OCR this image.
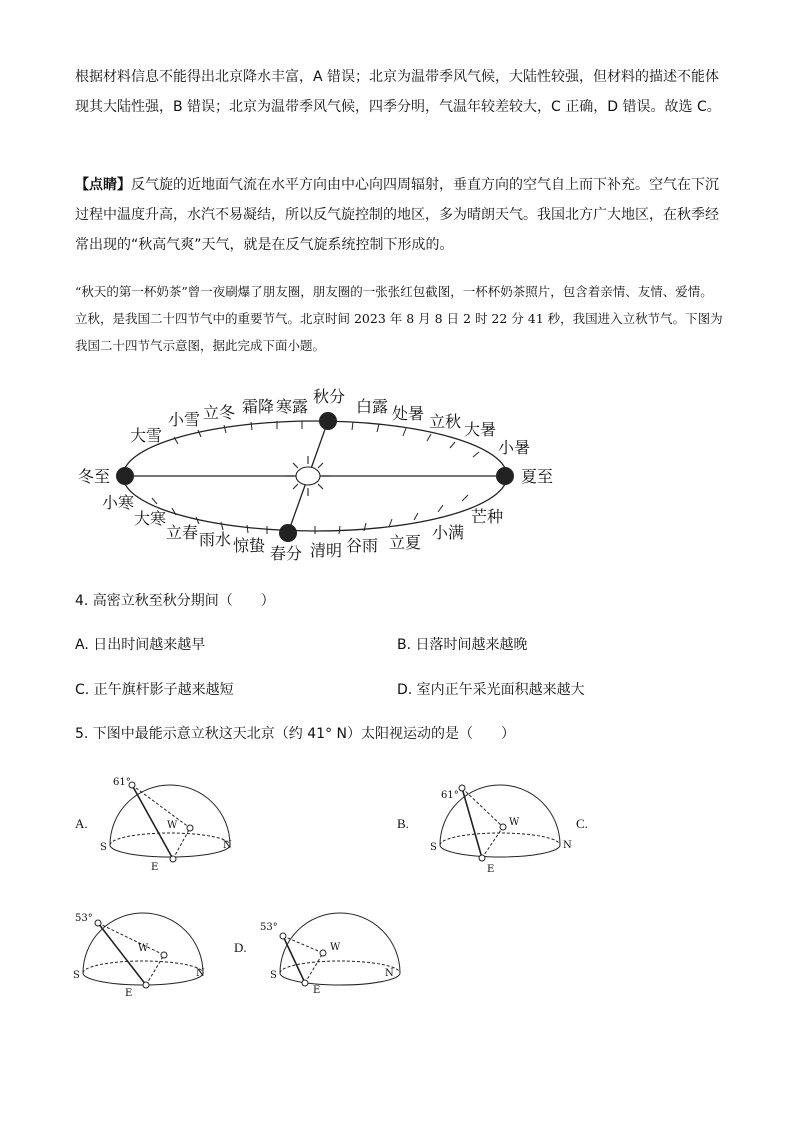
根据材料信息不能得出北京降水丰富，A 错误；北京为温带季风气候，大陆性较强，但材料的描述不能体现其大陆性强，B 错误；北京为温带季风气候，四季分明，气温年较差较大，C 正确，D 错误。故选 C。

【点睛】反气旋的近地面气流在水平方向由中心向四周辐射，垂直方向的空气自上而下补充。空气在下沉过程中温度升高，水汽不易凝结，所以反气旋控制的地区，多为晴朗天气。我国北方广大地区，在秋季经常出现的“秋高气爽”天气，就是在反气旋系统控制下形成的。

“秋天的第一杯奶茶”曾一夜刷爆了朋友圈，朋友圈的一张张红包截图，一杯杯奶茶照片，包含着亲情、友情、爱情。立秋，是我国二十四节气中的重要节气。北京时间 2023 年 8 月 8 日 2 时 22 分 41 秒，我国进入立秋节气。下图为我国二十四节气示意图，据此完成下面小题。

秋分
白露 处暑 立秋 大暑
小暑
夏至
芒种
小满
立夏
谷雨
清明
春分
惊蛰
雨水
立春
大寒
小寒
冬至
大雪
小雪 立冬 霜降 寒露

4. 高密立秋至秋分期间（　　）

A. 日出时间越来越早	B. 日落时间越来越晚

C. 正午旗杆影子越来越短	D. 室内正午采光面积越来越大

5. 下图中最能示意立秋这天北京（约 41° N）太阳视运动的是（　　）

A.	B.	C.
D.
61°
S	N
E
W
61°
S	N
E
W
53°
S	N
E
W
53°
S	N
E
W
